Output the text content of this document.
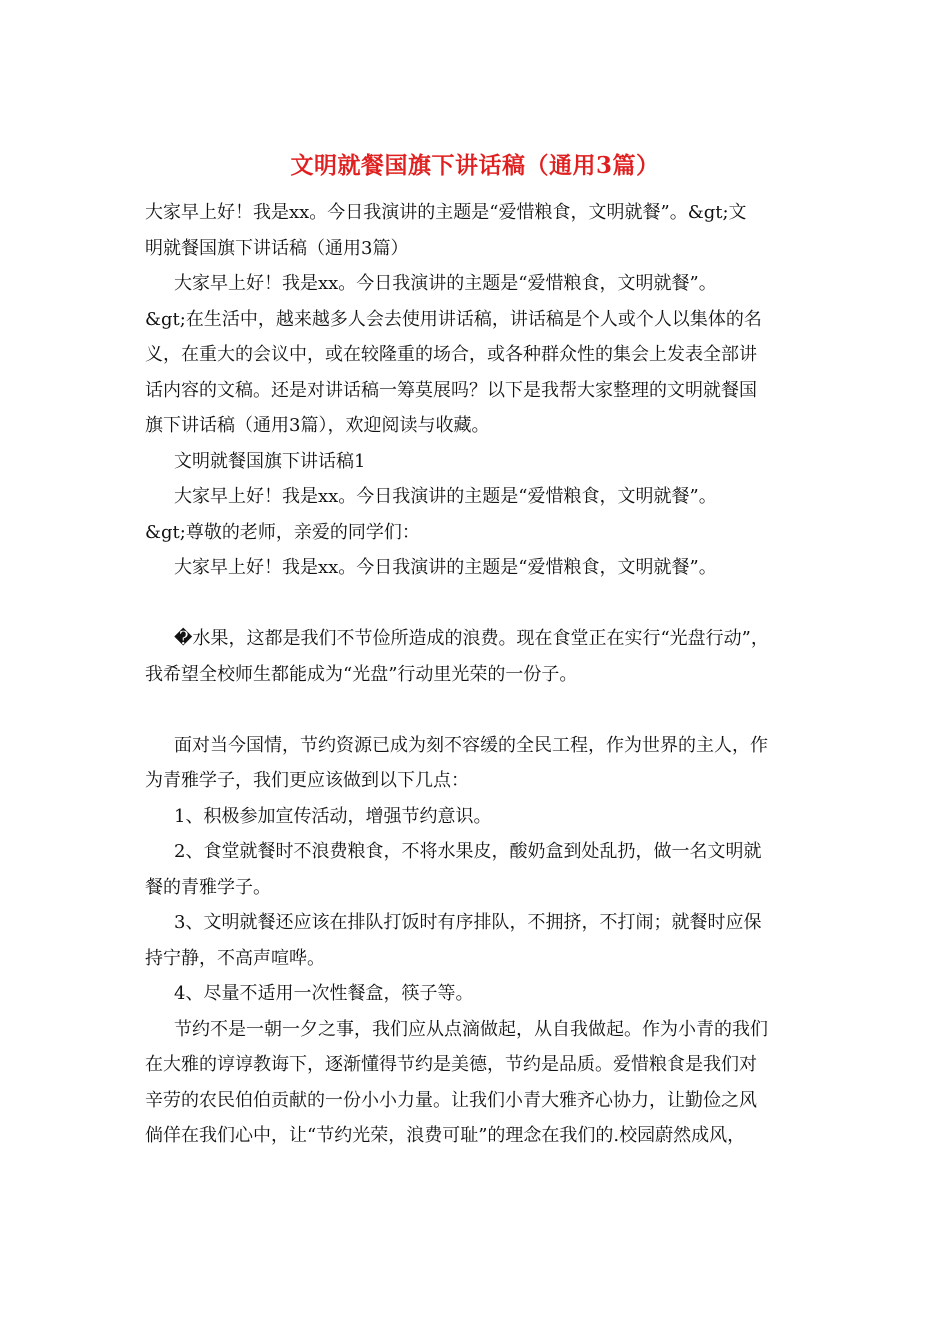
文明就餐国旗下讲话稿（通用3篇）
大家早上好！我是xx。今日我演讲的主题是“爱惜粮食，文明就餐”。&gt;文
明就餐国旗下讲话稿（通用3篇）
大家早上好！我是xx。今日我演讲的主题是“爱惜粮食，文明就餐”。
&gt;在生活中，越来越多人会去使用讲话稿，讲话稿是个人或个人以集体的名
义，在重大的会议中，或在较隆重的场合，或各种群众性的集会上发表全部讲
话内容的文稿。还是对讲话稿一筹莫展吗？以下是我帮大家整理的文明就餐国
旗下讲话稿（通用3篇），欢迎阅读与收藏。
文明就餐国旗下讲话稿1
大家早上好！我是xx。今日我演讲的主题是“爱惜粮食，文明就餐”。
&gt;尊敬的老师，亲爱的同学们：
大家早上好！我是xx。今日我演讲的主题是“爱惜粮食，文明就餐”。
�水果，这都是我们不节俭所造成的浪费。现在食堂正在实行“光盘行动”，
我希望全校师生都能成为“光盘”行动里光荣的一份子。
面对当今国情，节约资源已成为刻不容缓的全民工程，作为世界的主人，作
为青雅学子，我们更应该做到以下几点：
1、积极参加宣传活动，增强节约意识。
2、食堂就餐时不浪费粮食，不将水果皮，酸奶盒到处乱扔，做一名文明就
餐的青雅学子。
3、文明就餐还应该在排队打饭时有序排队，不拥挤，不打闹；就餐时应保
持宁静，不高声喧哗。
4、尽量不适用一次性餐盒，筷子等。
节约不是一朝一夕之事，我们应从点滴做起，从自我做起。作为小青的我们
在大雅的谆谆教诲下，逐渐懂得节约是美德，节约是品质。爱惜粮食是我们对
辛劳的农民伯伯贡献的一份小小力量。让我们小青大雅齐心协力，让勤俭之风
倘佯在我们心中，让“节约光荣，浪费可耻”的理念在我们的.校园蔚然成风，
